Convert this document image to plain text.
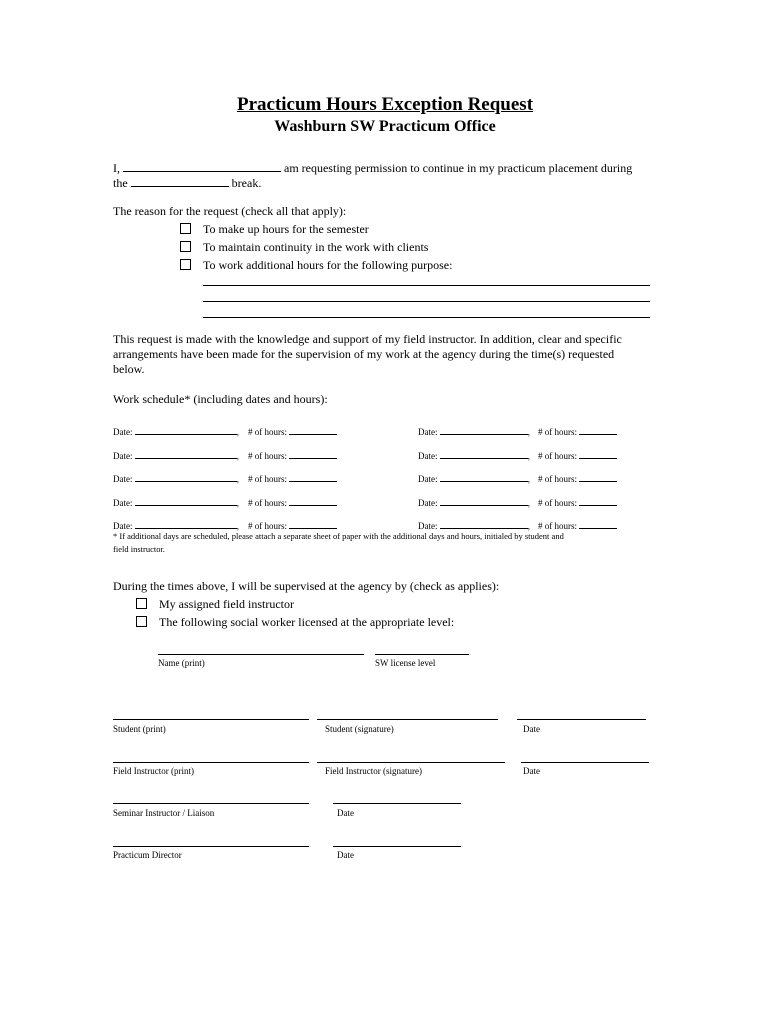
Practicum Hours Exception Request
Washburn SW Practicum Office
I,	am requesting permission to continue in my practicum placement during
the	break.
The reason for the request (check all that apply):
To make up hours for the semester
To maintain continuity in the work with clients
To work additional hours for the following purpose:
This request is made with the knowledge and support of my field instructor. In addition, clear and specific
arrangements have been made for the supervision of my work at the agency during the time(s) requested
below.
Work schedule* (including dates and hours):
Date:	, # of hours:	Date:	, # of hours:
Date:	, # of hours:	Date:	, # of hours:
Date:	, # of hours:	Date:	, # of hours:
Date:	, # of hours:	Date:	, # of hours:
Date:	, # of hours:	Date:	, # of hours:
* If additional days are scheduled, please attach a separate sheet of paper with the additional days and hours, initialed by student and
field instructor.
During the times above, I will be supervised at the agency by (check as applies):
My assigned field instructor
The following social worker licensed at the appropriate level:
Name (print)	SW license level
Student (print)	Student (signature)	Date
Field Instructor (print)	Field Instructor (signature)	Date
Seminar Instructor / Liaison	Date
Practicum Director	Date
